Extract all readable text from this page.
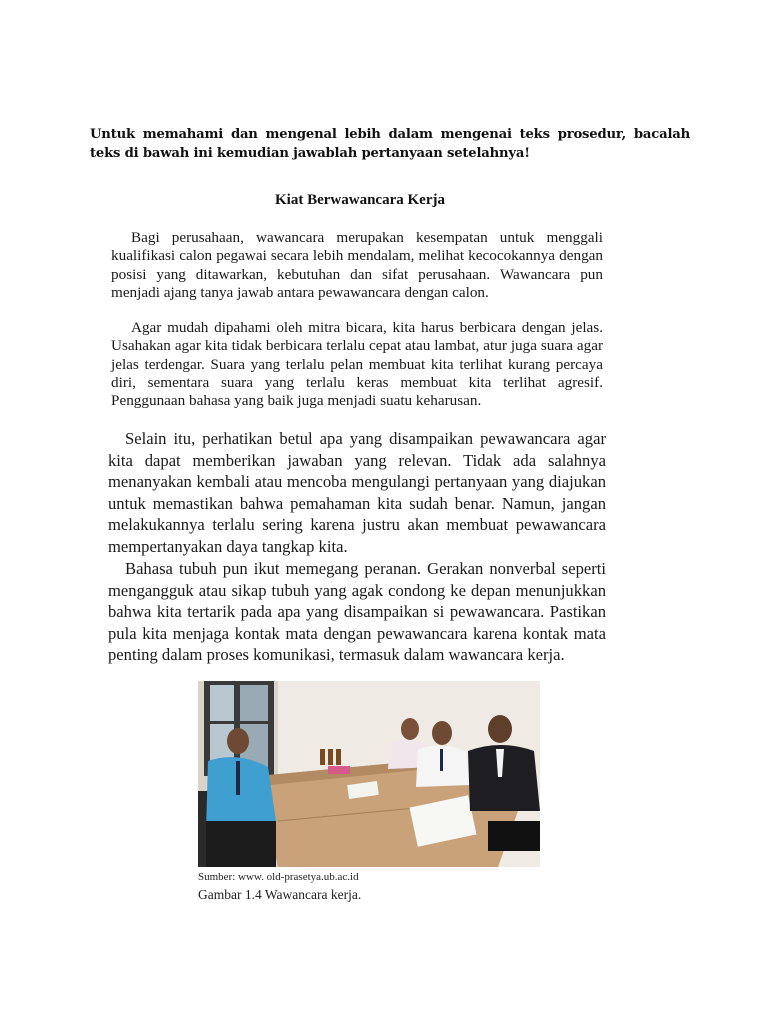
Untuk memahami dan mengenal lebih dalam mengenai teks prosedur, bacalah teks di bawah ini kemudian jawablah pertanyaan setelahnya!
Kiat Berwawancara Kerja

Bagi perusahaan, wawancara merupakan kesempatan untuk menggali kualifikasi calon pegawai secara lebih mendalam, melihat kecocokannya dengan posisi yang ditawarkan, kebutuhan dan sifat perusahaan. Wawancara pun menjadi ajang tanya jawab antara pewawancara dengan calon.

Agar mudah dipahami oleh mitra bicara, kita harus berbicara dengan jelas. Usahakan agar kita tidak berbicara terlalu cepat atau lambat, atur juga suara agar jelas terdengar. Suara yang terlalu pelan membuat kita terlihat kurang percaya diri, sementara suara yang terlalu keras membuat kita terlihat agresif. Penggunaan bahasa yang baik juga menjadi suatu keharusan.

Selain itu, perhatikan betul apa yang disampaikan pewawancara agar kita dapat memberikan jawaban yang relevan. Tidak ada salahnya menanyakan kembali atau mencoba mengulangi pertanyaan yang diajukan untuk memastikan bahwa pemahaman kita sudah benar. Namun, jangan melakukannya terlalu sering karena justru akan membuat pewawancara mempertanyakan daya tangkap kita.

Bahasa tubuh pun ikut memegang peranan. Gerakan nonverbal seperti mengangguk atau sikap tubuh yang agak condong ke depan menunjukkan bahwa kita tertarik pada apa yang disampaikan si pewawancara. Pastikan pula kita menjaga kontak mata dengan pewawancara karena kontak mata penting dalam proses komunikasi, termasuk dalam wawancara kerja.

Sumber: www. old-prasetya.ub.ac.id
Gambar 1.4 Wawancara kerja.
